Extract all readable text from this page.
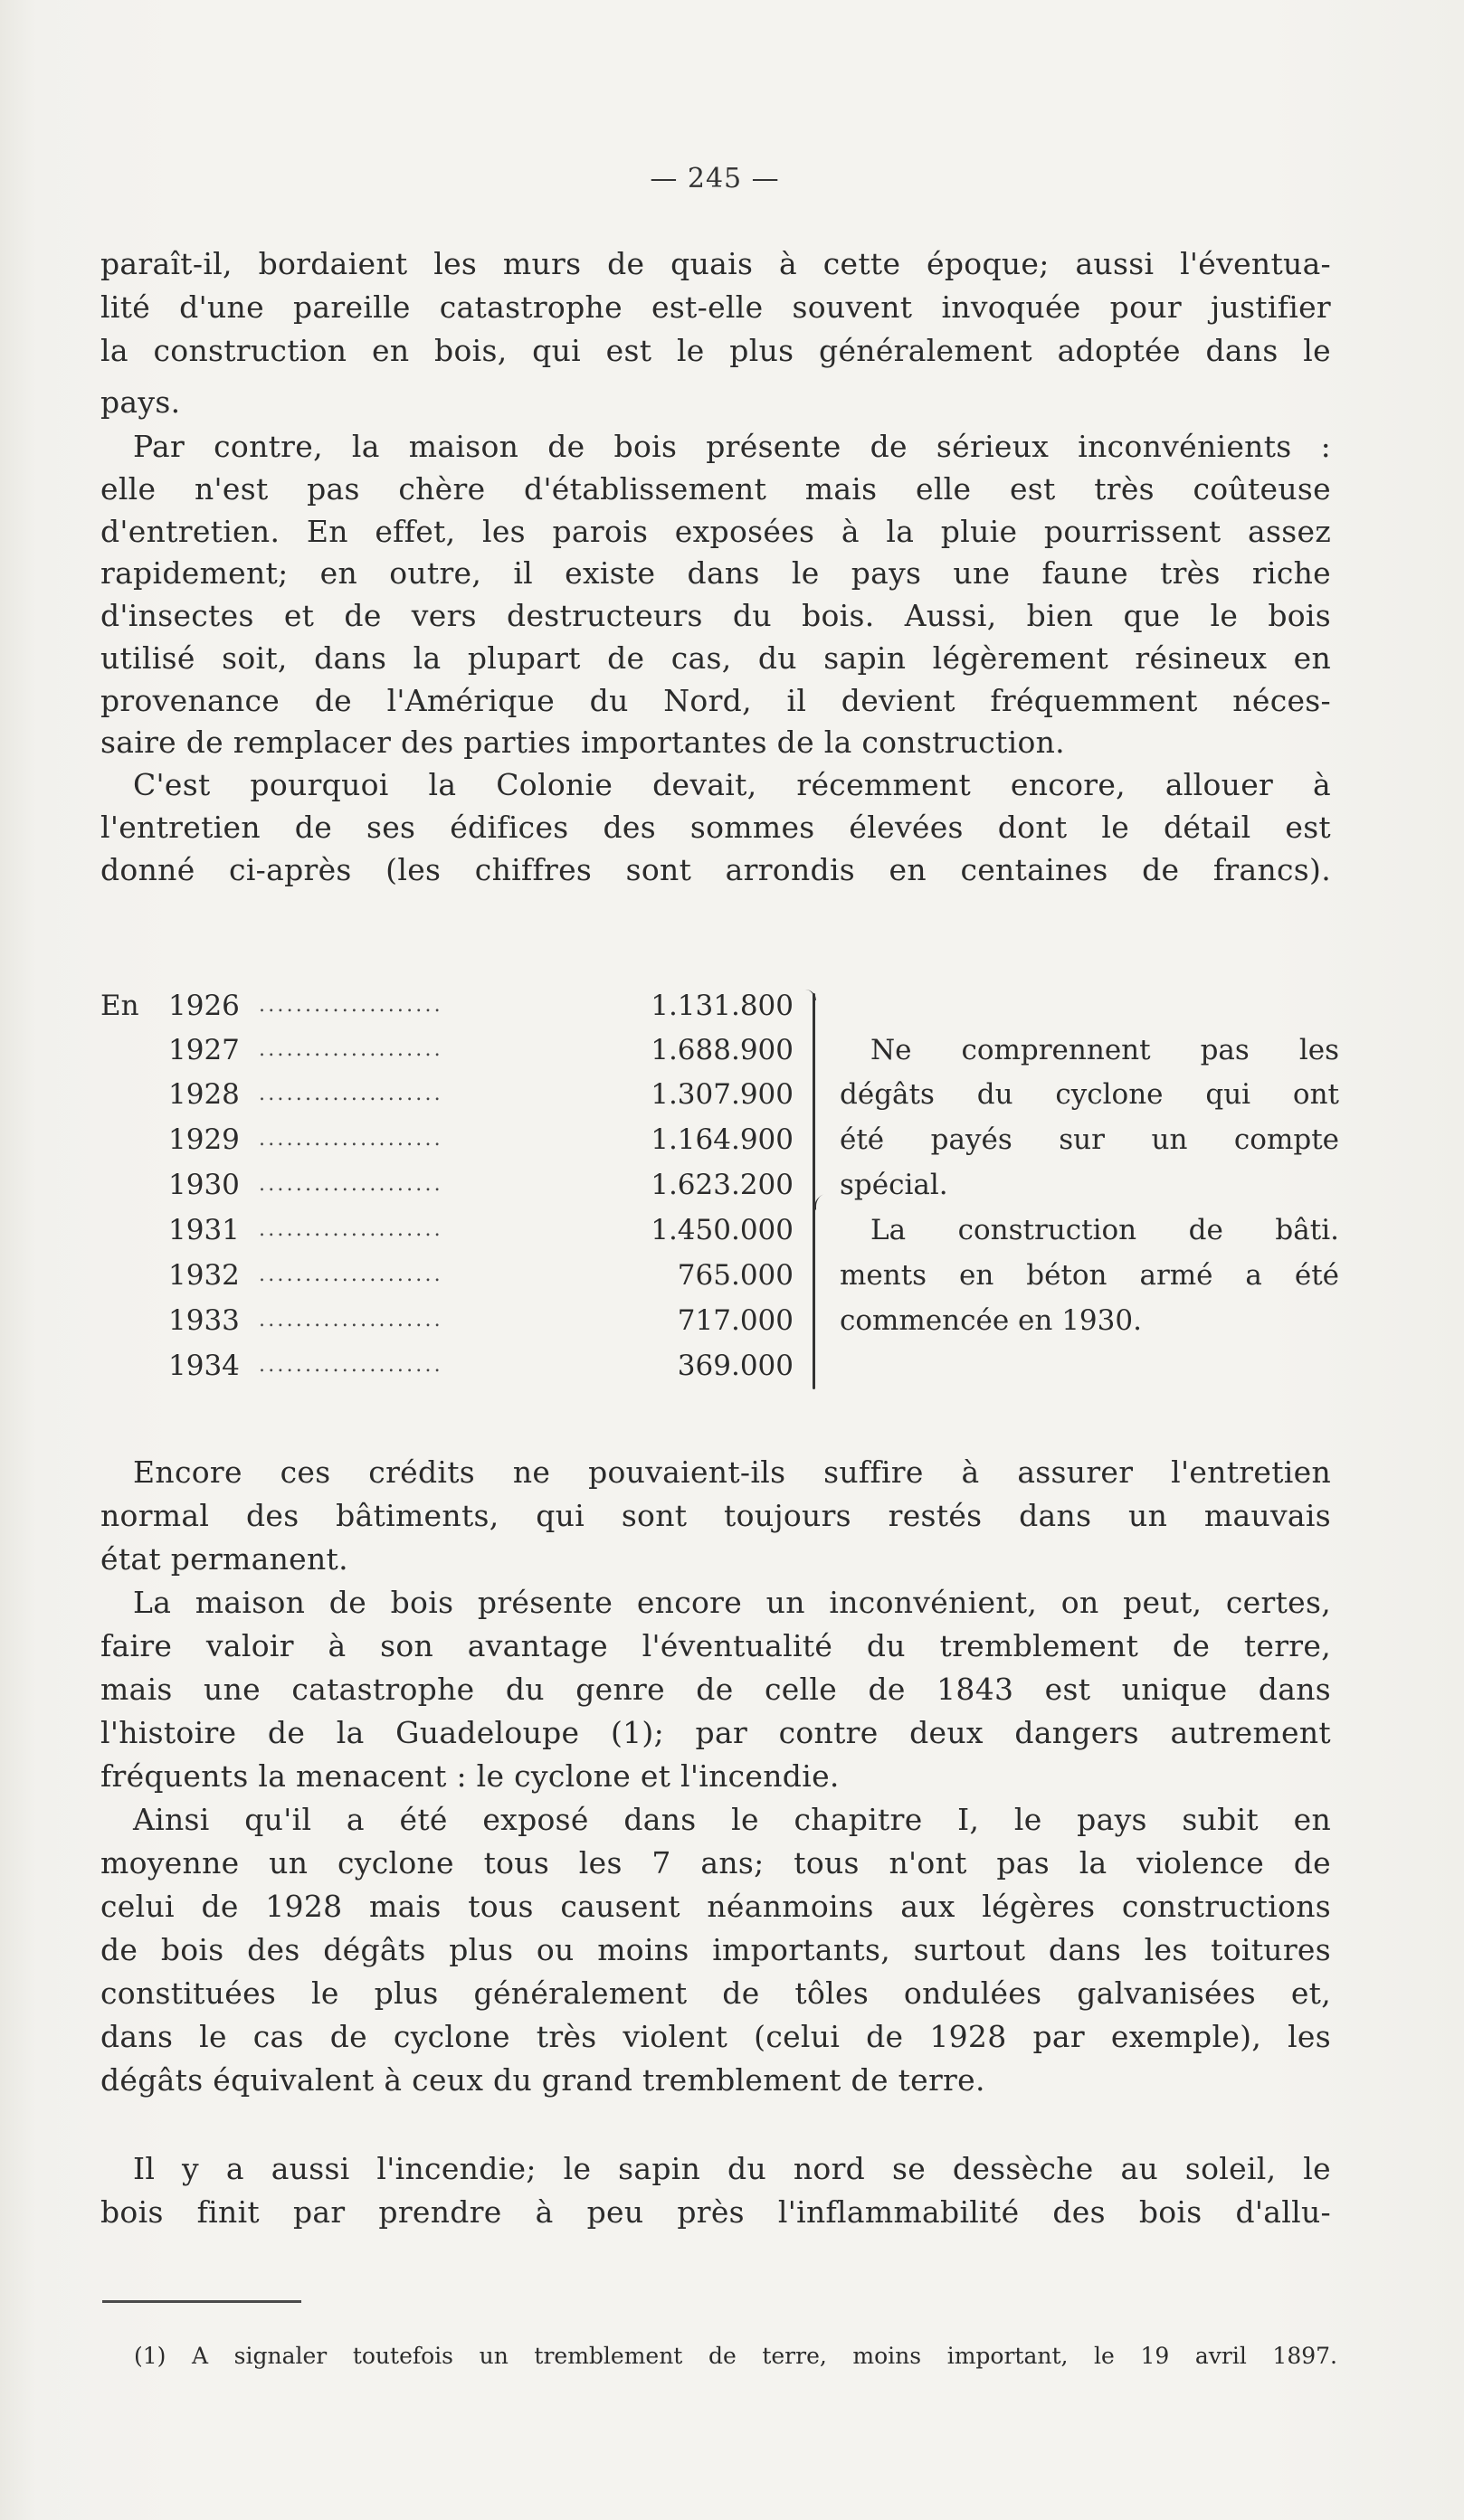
— 245 —
paraît-il, bordaient les murs de quais à cette époque; aussi l'éventua-
lité d'une pareille catastrophe est-elle souvent invoquée pour justifier
la construction en bois, qui est le plus généralement adoptée dans le
pays.
Par contre, la maison de bois présente de sérieux inconvénients :
elle n'est pas chère d'établissement mais elle est très coûteuse
d'entretien. En effet, les parois exposées à la pluie pourrissent assez
rapidement; en outre, il existe dans le pays une faune très riche
d'insectes et de vers destructeurs du bois. Aussi, bien que le bois
utilisé soit, dans la plupart de cas, du sapin légèrement résineux en
provenance de l'Amérique du Nord, il devient fréquemment néces-
saire de remplacer des parties importantes de la construction.
C'est pourquoi la Colonie devait, récemment encore, allouer à
l'entretien de ses édifices des sommes élevées dont le détail est
donné ci-après (les chiffres sont arrondis en centaines de francs).
En 1926 ....................	1.131.800
1927 ....................	1.688.900
1928 ....................	1.307.900
1929 ....................	1.164.900
1930 ....................	1.623.200
1931 ....................	1.450.000
1932 ....................	765.000
1933 ....................	717.000
1934 ....................	369.000
Ne comprennent pas les
dégâts du cyclone qui ont
été payés sur un compte
spécial.
La construction de bâti.
ments en béton armé a été
commencée en 1930.
Encore ces crédits ne pouvaient-ils suffire à assurer l'entretien
normal des bâtiments, qui sont toujours restés dans un mauvais
état permanent.
La maison de bois présente encore un inconvénient, on peut, certes,
faire valoir à son avantage l'éventualité du tremblement de terre,
mais une catastrophe du genre de celle de 1843 est unique dans
l'histoire de la Guadeloupe (1); par contre deux dangers autrement
fréquents la menacent : le cyclone et l'incendie.
Ainsi qu'il a été exposé dans le chapitre I, le pays subit en
moyenne un cyclone tous les 7 ans; tous n'ont pas la violence de
celui de 1928 mais tous causent néanmoins aux légères constructions
de bois des dégâts plus ou moins importants, surtout dans les toitures
constituées le plus généralement de tôles ondulées galvanisées et,
dans le cas de cyclone très violent (celui de 1928 par exemple), les
dégâts équivalent à ceux du grand tremblement de terre.
Il y a aussi l'incendie; le sapin du nord se dessèche au soleil, le
bois finit par prendre à peu près l'inflammabilité des bois d'allu-
(1) A signaler toutefois un tremblement de terre, moins important, le 19 avril 1897.
